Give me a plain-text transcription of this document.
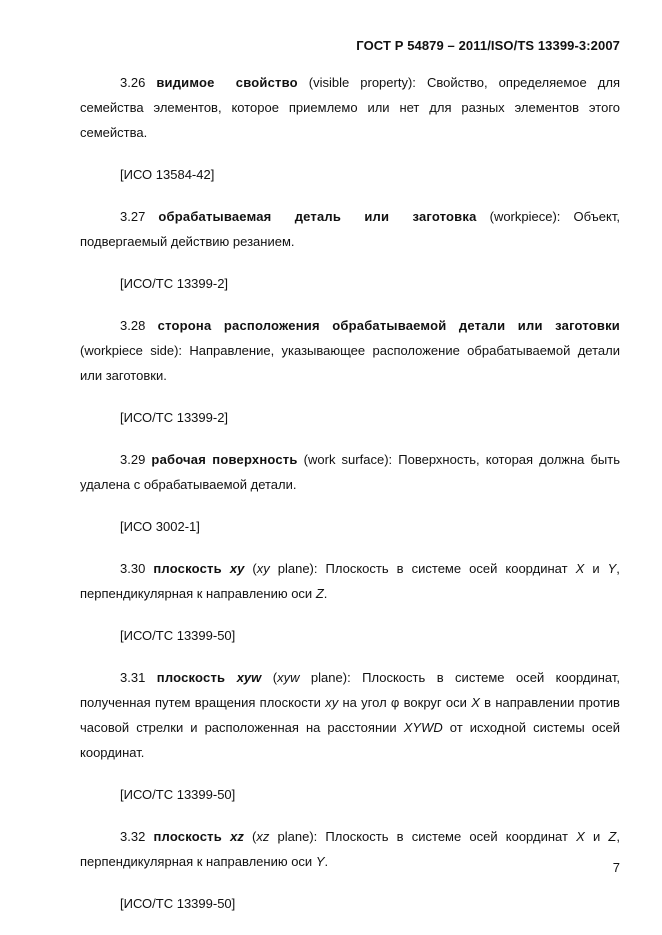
ГОСТ Р 54879 – 2011/ISO/TS 13399-3:2007

3.26 видимое свойство (visible property): Свойство, определяемое для семейства элементов, которое приемлемо или нет для разных элементов этого семейства.

[ИСО 13584-42]

3.27 обрабатываемая деталь или заготовка (workpiece): Объект, подвергаемый действию резанием.

[ИСО/ТС 13399-2]

3.28 сторона расположения обрабатываемой детали или заготовки (workpiece side): Направление, указывающее расположение обрабатываемой детали или заготовки.

[ИСО/ТС 13399-2]

3.29 рабочая поверхность (work surface): Поверхность, которая должна быть удалена с обрабатываемой детали.

[ИСО 3002-1]

3.30 плоскость xy (xy plane): Плоскость в системе осей координат X и Y, перпендикулярная к направлению оси Z.

[ИСО/ТС 13399-50]

3.31 плоскость xyw (xyw plane): Плоскость в системе осей координат, полученная путем вращения плоскости xy на угол φ вокруг оси X в направлении против часовой стрелки и расположенная на расстоянии XYWD от исходной системы осей координат.

[ИСО/ТС 13399-50]

3.32 плоскость xz (xz plane): Плоскость в системе осей координат X и Z, перпендикулярная к направлению оси Y.

[ИСО/ТС 13399-50]
7
